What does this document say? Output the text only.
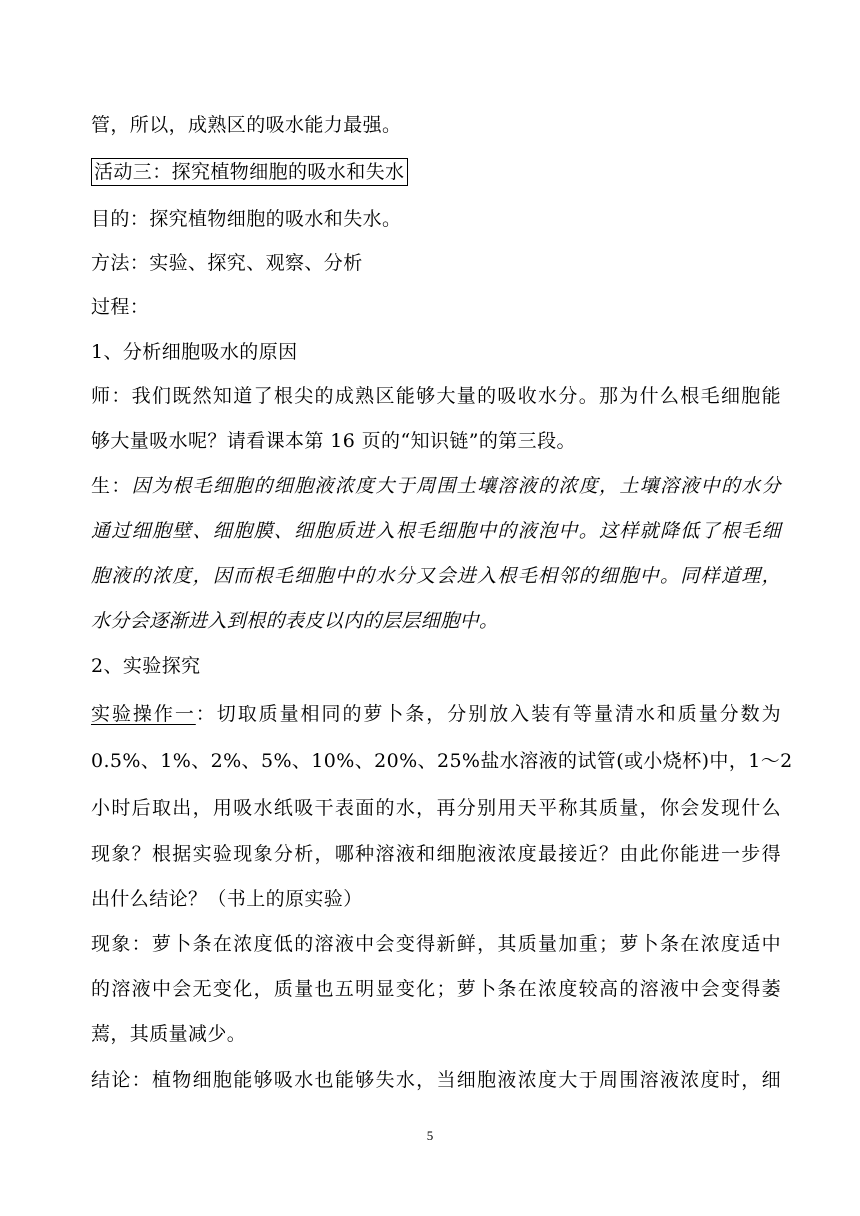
管，所以，成熟区的吸水能力最强。
活动三：探究植物细胞的吸水和失水
目的：探究植物细胞的吸水和失水。
方法：实验、探究、观察、分析
过程：
1、分析细胞吸水的原因
师：我们既然知道了根尖的成熟区能够大量的吸收水分。那为什么根毛细胞能
够大量吸水呢？请看课本第 16 页的“知识链”的第三段。
生：因为根毛细胞的细胞液浓度大于周围土壤溶液的浓度，土壤溶液中的水分
通过细胞壁、细胞膜、细胞质进入根毛细胞中的液泡中。这样就降低了根毛细
胞液的浓度，因而根毛细胞中的水分又会进入根毛相邻的细胞中。同样道理，
水分会逐渐进入到根的表皮以内的层层细胞中。
2、实验探究
实验操作一：切取质量相同的萝卜条，分别放入装有等量清水和质量分数为
0.5%、1%、2%、5%、10%、20%、25%盐水溶液的试管(或小烧杯)中，1～2
小时后取出，用吸水纸吸干表面的水，再分别用天平称其质量，你会发现什么
现象？根据实验现象分析，哪种溶液和细胞液浓度最接近？由此你能进一步得
出什么结论？（书上的原实验）
现象：萝卜条在浓度低的溶液中会变得新鲜，其质量加重；萝卜条在浓度适中
的溶液中会无变化，质量也五明显变化；萝卜条在浓度较高的溶液中会变得萎
蔫，其质量减少。
结论：植物细胞能够吸水也能够失水，当细胞液浓度大于周围溶液浓度时，细
5
